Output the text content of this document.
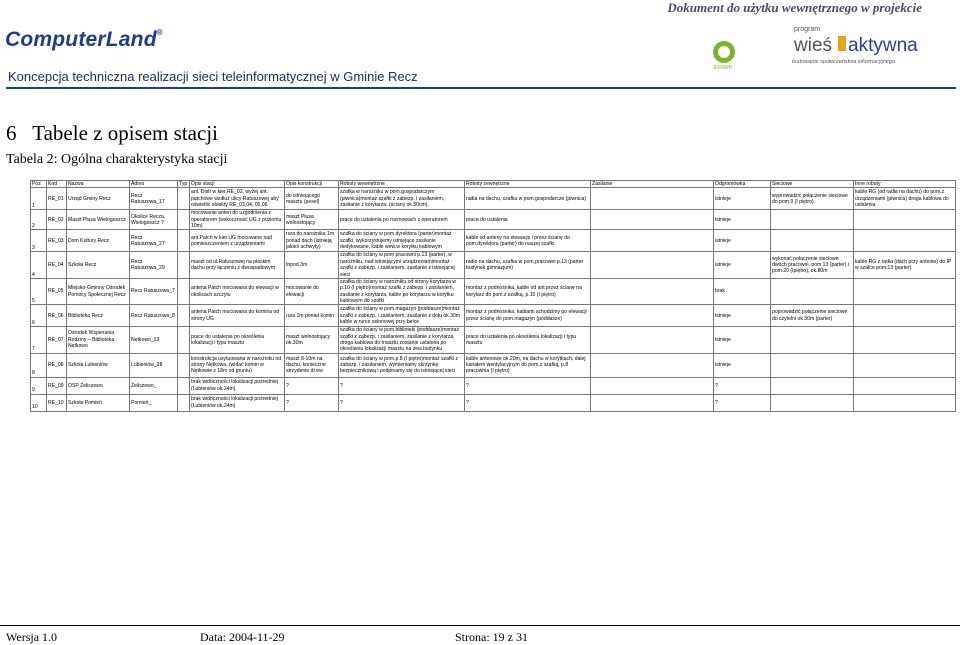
Dokument do użytku wewnętrznego w projekcie
ComputerLand®
EFRWP
program
wieś aktywna
budowanie społeczeństwa informacyjnego
Koncepcja techniczna realizacji sieci teleinformatycznej w Gminie Recz
6 Tabele z opisem stacji
Tabela 2: Ogólna charakterystyka stacji
Poz	Kod	Nazwa	Adres	Typ	Opis stacji	Opis konstrukcji	Roboty wewnętrzne	Roboty zewnętrzne	Zasilanie	Odgromówka	Sieciowe	Inne roboty
1	RE_01	Urząd Gminy Recz	Recz Ratuszowa_17		ant. Dish w kier.RE_02, wyżej ant. patchowe wzdłuż ulicy Ratuszowej aby oświetlić obiekty RE_03,04, 05,06	do istniejącego masztu (pesel)	szafka w narożniku w pom.gospodarczym (piwnica)montaż szafki z zabezp. i zasilaniem, zasilanie z korytarza. (ściany ok.50cm).	radia na dachu, szafka w pom.gospodarcze (piwnica)		istnieje	wyprowadzić połączenie sieciowe do pom.9 (I piętro)	kable RG (od radia na dachu) do pom.z urządzeniami (piwnica) droga kablowa do ustalenia
2	RE_02	Maszt Plusa Wielogoszcz	Okolice Recza, Wielogoszcz ?		mocowanie anten do uzgodnienia z operatorem (wskoczność UG z poziomu 10m)	maszt Plusa wolnostojący	prace do ustalenia po rozmowach z operatorem	prace do ustalenia		istnieje		
3	RE_03	Dom Kultury Recz	Recz Ratuszowa_27		ant.Patch w kier.UG mocowane nad pomieszczeniem z urządzeniami	rura do narożnika 1m ponad dach (istnieją jakieś uchwyty)	szafka do ściany w pom.dyrektora (parter)montaż szafki, wykorzystujemy istniejące zasilanie dedykowane, kable wew.w korytku kablowym	kable od anteny na elewację i przez ścianę do pom.dyrektora (parter) do naszej szafki		istnieje		
4	RE_04	Szkoła Recz	Recz Ratuszowa_29		maszt od ul.Ratuszowej na płaskim dachu przy łączeniu z dwuspadowym	tripod 3m	szafka do ściany w pom pracowni p.13 (parter), w narożniku, nad istniejącymi urządzeniamimontaż szafki z zabezp. i zasilaniem, zasilanie z istniejącej sieci	radio na dachu, szafka w pom.pracowni p.13 (parter budynek gimnazjum)		istnieje	wykonać połączenie sieciowe dwóch pracowni, pom.13 (parter) i pom.20 (Ipiętro), ok.80m	kable RG z radia (dach przy antenie) do IP w szafce pom.13 (parter)
5	RE_05	Miejsko-Gminny Ośrodek Pomocy Społecznej Recz	Recz Ratuszowa_7		antena Patch mocowana do elewacji w okolicach szczytu	mocowanie do elewacji	szafka do ściany w narożniku od strony korytarza w p.10 (I piętro)montaż szafki z zabezp. i zasilaniem, zasilanie z korytarza, kable po korytarzu w korytku kablowym do szafki	montaż z podnośnika, kable od ant.przez ścianę na korytarz do pom.z szafką, p.10 (I piętro)		brak		
6	RE_06	Biblioteka Recz	Recz Ratuszowa_8		antena Patch mocowana do komina od strony UG	rura 1m ponad komin	szafka do ściany w pom.magazyn (poddasze)montaż szafki z zabezp. i zasilaniem, zasilanie z dołu ok.30m kable w rurce osłonowej przy belce	montaż z podnośnika, kablami schodzimy po elewacji przez ścianę do pom.magazyn (poddasze)		istnieje	poprowadzić połączenie sieciowe do czytelni ok.30m (parter)	
7	RE_07	Ośrodek Wspierania Rodziny – Biblioteka Nętkowo	Nętkowo_13		prace do ustalenia po określeniu lokalizacji i typu masztu	maszt wolnostojący ok.30m	szafka do ściany w pom.biblioteki (poddasze)montaż szafki z zabezp. i zasilaniem, zasilanie z korytarza, droga kablowa do masztu zostanie ustalona po określeniu lokalizacji masztu na zew.budynku	prace do ustalenia po określeniu lokalizacji i typu masztu		istnieje		
8	RE_08	Szkoła Lubieniów	Lubieniów_28		konstrukcja usytuowana w narożniku od strony Nętkowa, (widać komin w Nętkowie z 18m od gruntu)	maszt 8-10m na dachu, konieczne strzydenie dr.ew	szafka do ściany w pom.p.8 (I piętro)montaż szafki z zabezp. i zasilaniem, wymieniamy skrzynkę bezpiecznikową i podpinamy się do istniejącej sieci	kable antenowe ok.20m, na dachu w korytkach, dalej kanałem wentylacyjnym do pom.z szafką, p.8 pracownia (I piętro)		istnieje		
9	RE_09	OSP Żeliszewo	Żeliszewo_		brak widoczności lokalizacji pośredniej (Lubieniów ok.24m)	?	?	?		?		
10	RE_10	Szkoła Pomień	Pomień_		brak widoczności lokalizacji pośredniej (Lubieniów ok.24m)	?	?	?		?		
Wersja 1.0	Data: 2004-11-29	Strona: 19 z 31
